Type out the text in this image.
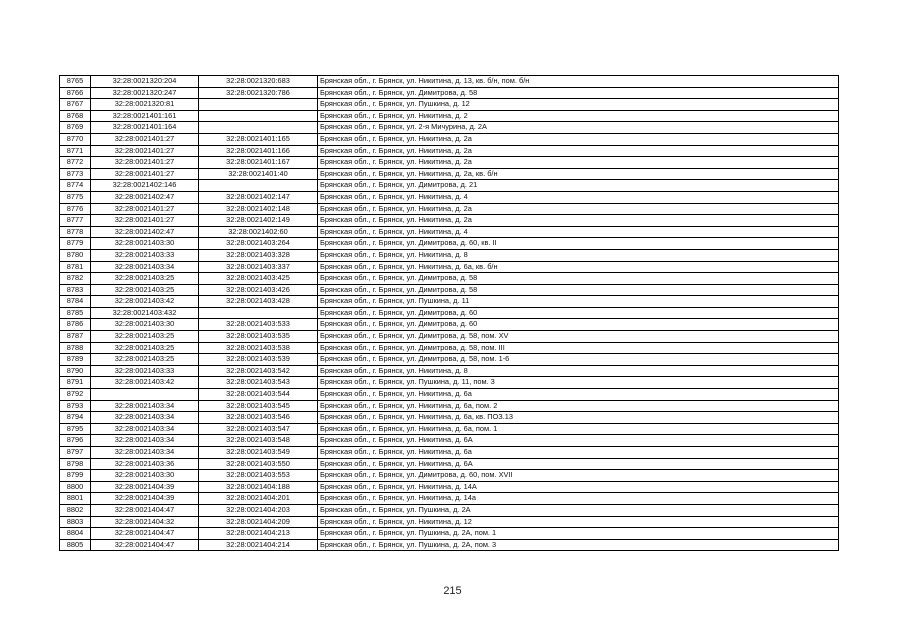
8765	32:28:0021320:204	32:28:0021320:683	Брянская обл., г. Брянск, ул. Никитина, д. 13, кв. б/н, пом. б/н
8766	32:28:0021320:247	32:28:0021320:786	Брянская обл., г. Брянск, ул. Димитрова, д. 58
8767	32:28:0021320:81		Брянская обл., г. Брянск, ул. Пушкина, д. 12
8768	32:28:0021401:161		Брянская обл., г. Брянск, ул. Никитина, д. 2
8769	32:28:0021401:164		Брянская обл., г. Брянск, ул. 2-я Мичурина, д. 2А
8770	32:28:0021401:27	32:28:0021401:165	Брянская обл., г. Брянск, ул. Никитина, д. 2а
8771	32:28:0021401:27	32:28:0021401:166	Брянская обл., г. Брянск, ул. Никитина, д. 2а
8772	32:28:0021401:27	32:28:0021401:167	Брянская обл., г. Брянск, ул. Никитина, д. 2а
8773	32:28:0021401:27	32:28:0021401:40	Брянская обл., г. Брянск, ул. Никитина, д. 2а, кв. б/н
8774	32:28:0021402:146		Брянская обл., г. Брянск, ул. Димитрова, д. 21
8775	32:28:0021402:47	32:28:0021402:147	Брянская обл., г. Брянск, ул. Никитина, д. 4
8776	32:28:0021401:27	32:28:0021402:148	Брянская обл., г. Брянск, ул. Никитина, д. 2а
8777	32:28:0021401:27	32:28:0021402:149	Брянская обл., г. Брянск, ул. Никитина, д. 2а
8778	32:28:0021402:47	32:28:0021402:60	Брянская обл., г. Брянск, ул. Никитина, д. 4
8779	32:28:0021403:30	32:28:0021403:264	Брянская обл., г. Брянск, ул. Димитрова, д. 60, кв. II
8780	32:28:0021403:33	32:28:0021403:328	Брянская обл., г. Брянск, ул. Никитина, д. 8
8781	32:28:0021403:34	32:28:0021403:337	Брянская обл., г. Брянск, ул. Никитина, д. 6а, кв. б/н
8782	32:28:0021403:25	32:28:0021403:425	Брянская обл., г. Брянск, ул. Димитрова, д. 58
8783	32:28:0021403:25	32:28:0021403:426	Брянская обл., г. Брянск, ул. Димитрова, д. 58
8784	32:28:0021403:42	32:28:0021403:428	Брянская обл., г. Брянск, ул. Пушкина, д. 11
8785	32:28:0021403:432		Брянская обл., г. Брянск, ул. Димитрова, д. 60
8786	32:28:0021403:30	32:28:0021403:533	Брянская обл., г. Брянск, ул. Димитрова, д. 60
8787	32:28:0021403:25	32:28:0021403:535	Брянская обл., г. Брянск, ул. Димитрова, д. 58, пом. XV
8788	32:28:0021403:25	32:28:0021403:538	Брянская обл., г. Брянск, ул. Димитрова, д. 58, пом. III
8789	32:28:0021403:25	32:28:0021403:539	Брянская обл., г. Брянск, ул. Димитрова, д. 58, пом. 1-6
8790	32:28:0021403:33	32:28:0021403:542	Брянская обл., г. Брянск, ул. Никитина, д. 8
8791	32:28:0021403:42	32:28:0021403:543	Брянская обл., г. Брянск, ул. Пушкина, д. 11, пом. 3
8792		32:28:0021403:544	Брянская обл., г. Брянск, ул. Никитина, д. 6а
8793	32:28:0021403:34	32:28:0021403:545	Брянская обл., г. Брянск, ул. Никитина, д. 6а, пом. 2
8794	32:28:0021403:34	32:28:0021403:546	Брянская обл., г. Брянск, ул. Никитина, д. 6а, кв. ПОЗ.13
8795	32:28:0021403:34	32:28:0021403:547	Брянская обл., г. Брянск, ул. Никитина, д. 6а, пом. 1
8796	32:28:0021403:34	32:28:0021403:548	Брянская обл., г. Брянск, ул. Никитина, д. 6А
8797	32:28:0021403:34	32:28:0021403:549	Брянская обл., г. Брянск, ул. Никитина, д. 6а
8798	32:28:0021403:36	32:28:0021403:550	Брянская обл., г. Брянск, ул. Никитина, д. 6А
8799	32:28:0021403:30	32:28:0021403:553	Брянская обл., г. Брянск, ул. Димитрова, д. 60, пом. XVII
8800	32:28:0021404:39	32:28:0021404:188	Брянская обл., г. Брянск, ул. Никитина, д. 14А
8801	32:28:0021404:39	32:28:0021404:201	Брянская обл., г. Брянск, ул. Никитина, д. 14а
8802	32:28:0021404:47	32:28:0021404:203	Брянская обл., г. Брянск, ул. Пушкина, д. 2А
8803	32:28:0021404:32	32:28:0021404:209	Брянская обл., г. Брянск, ул. Никитина, д. 12
8804	32:28:0021404:47	32:28:0021404:213	Брянская обл., г. Брянск, ул. Пушкина, д. 2А, пом. 1
8805	32:28:0021404:47	32:28:0021404:214	Брянская обл., г. Брянск, ул. Пушкина, д. 2А, пом. 3
215
